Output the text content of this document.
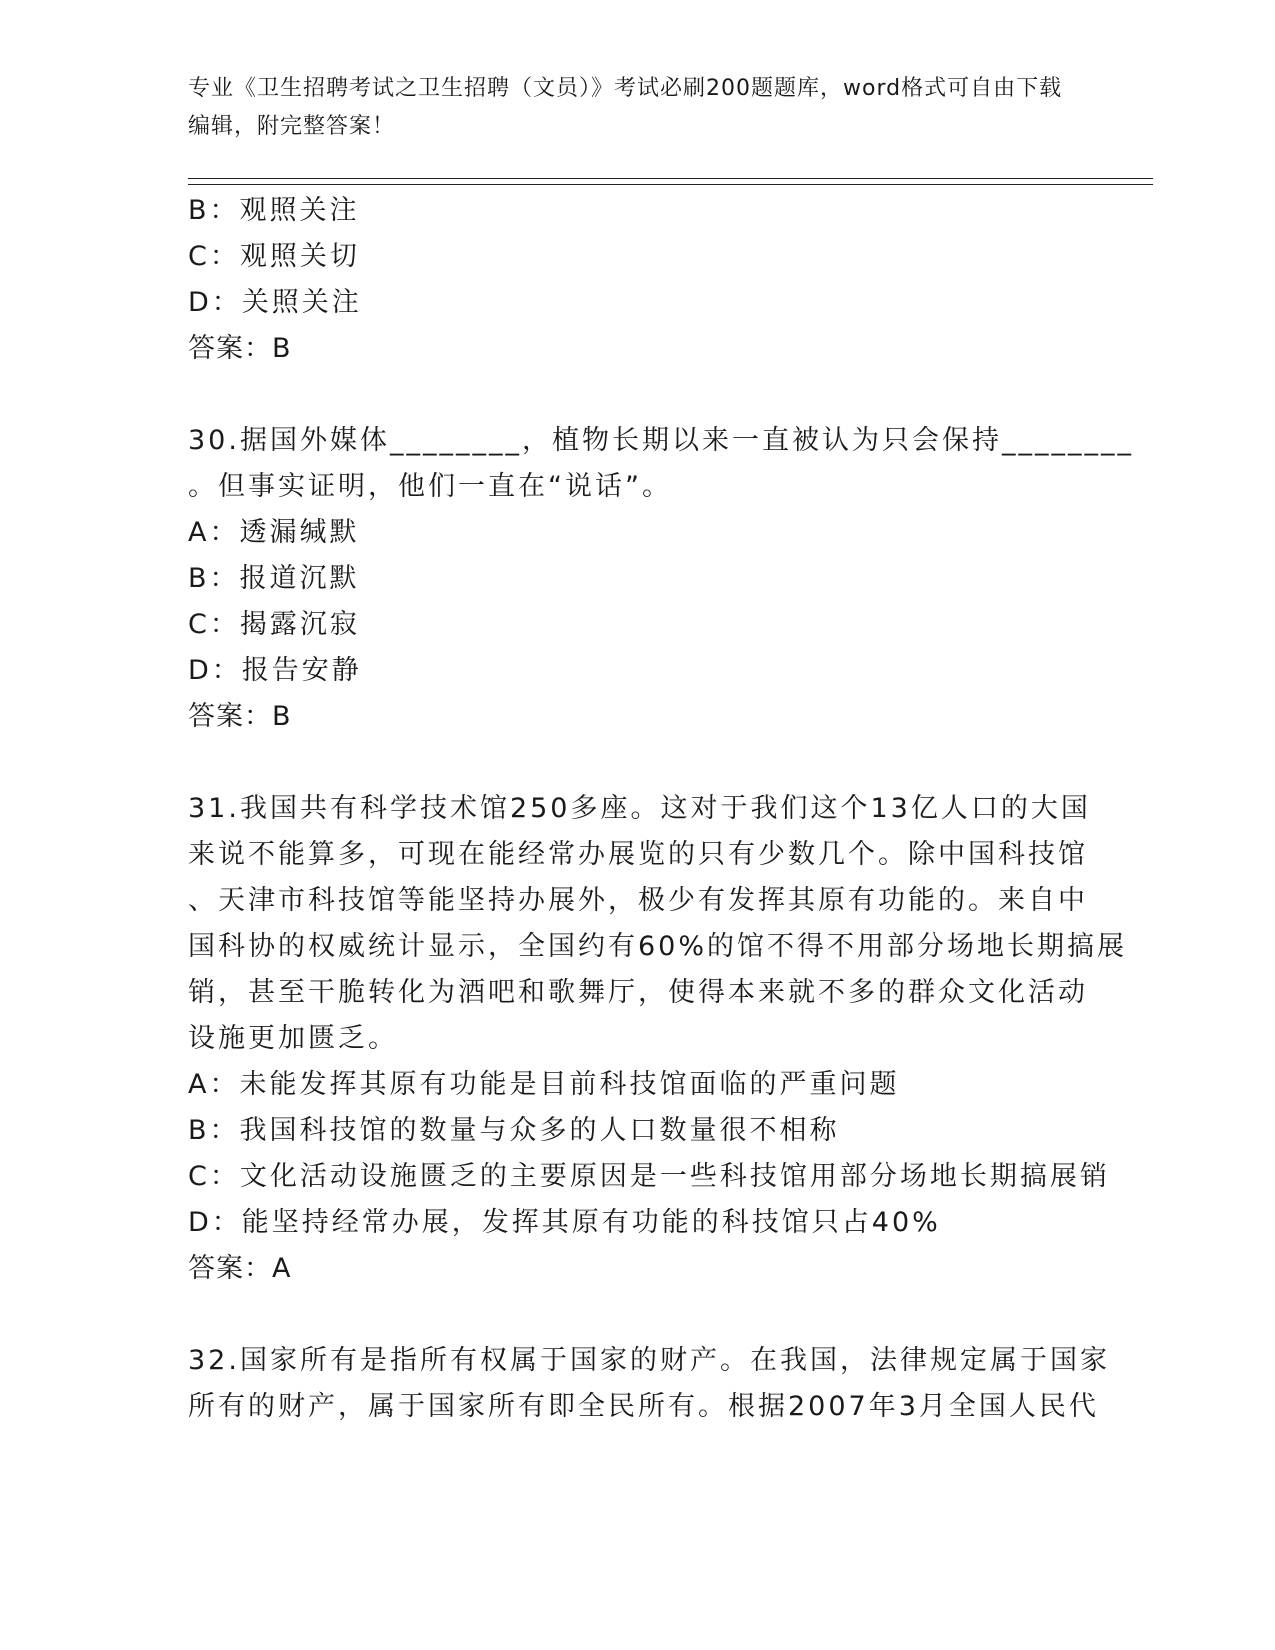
专业《卫生招聘考试之卫生招聘（文员）》考试必刷200题题库，word格式可自由下载编辑，附完整答案！
B：观照关注
C：观照关切
D：关照关注
答案：B
30.据国外媒体________，植物长期以来一直被认为只会保持________
。但事实证明，他们一直在“说话”。
A：透漏缄默
B：报道沉默
C：揭露沉寂
D：报告安静
答案：B
31.我国共有科学技术馆250多座。这对于我们这个13亿人口的大国
来说不能算多，可现在能经常办展览的只有少数几个。除中国科技馆
、天津市科技馆等能坚持办展外，极少有发挥其原有功能的。来自中
国科协的权威统计显示，全国约有60%的馆不得不用部分场地长期搞展
销，甚至干脆转化为酒吧和歌舞厅，使得本来就不多的群众文化活动
设施更加匮乏。
A：未能发挥其原有功能是目前科技馆面临的严重问题
B：我国科技馆的数量与众多的人口数量很不相称
C：文化活动设施匮乏的主要原因是一些科技馆用部分场地长期搞展销
D：能坚持经常办展，发挥其原有功能的科技馆只占40%
答案：A
32.国家所有是指所有权属于国家的财产。在我国，法律规定属于国家
所有的财产，属于国家所有即全民所有。根据2007年3月全国人民代
